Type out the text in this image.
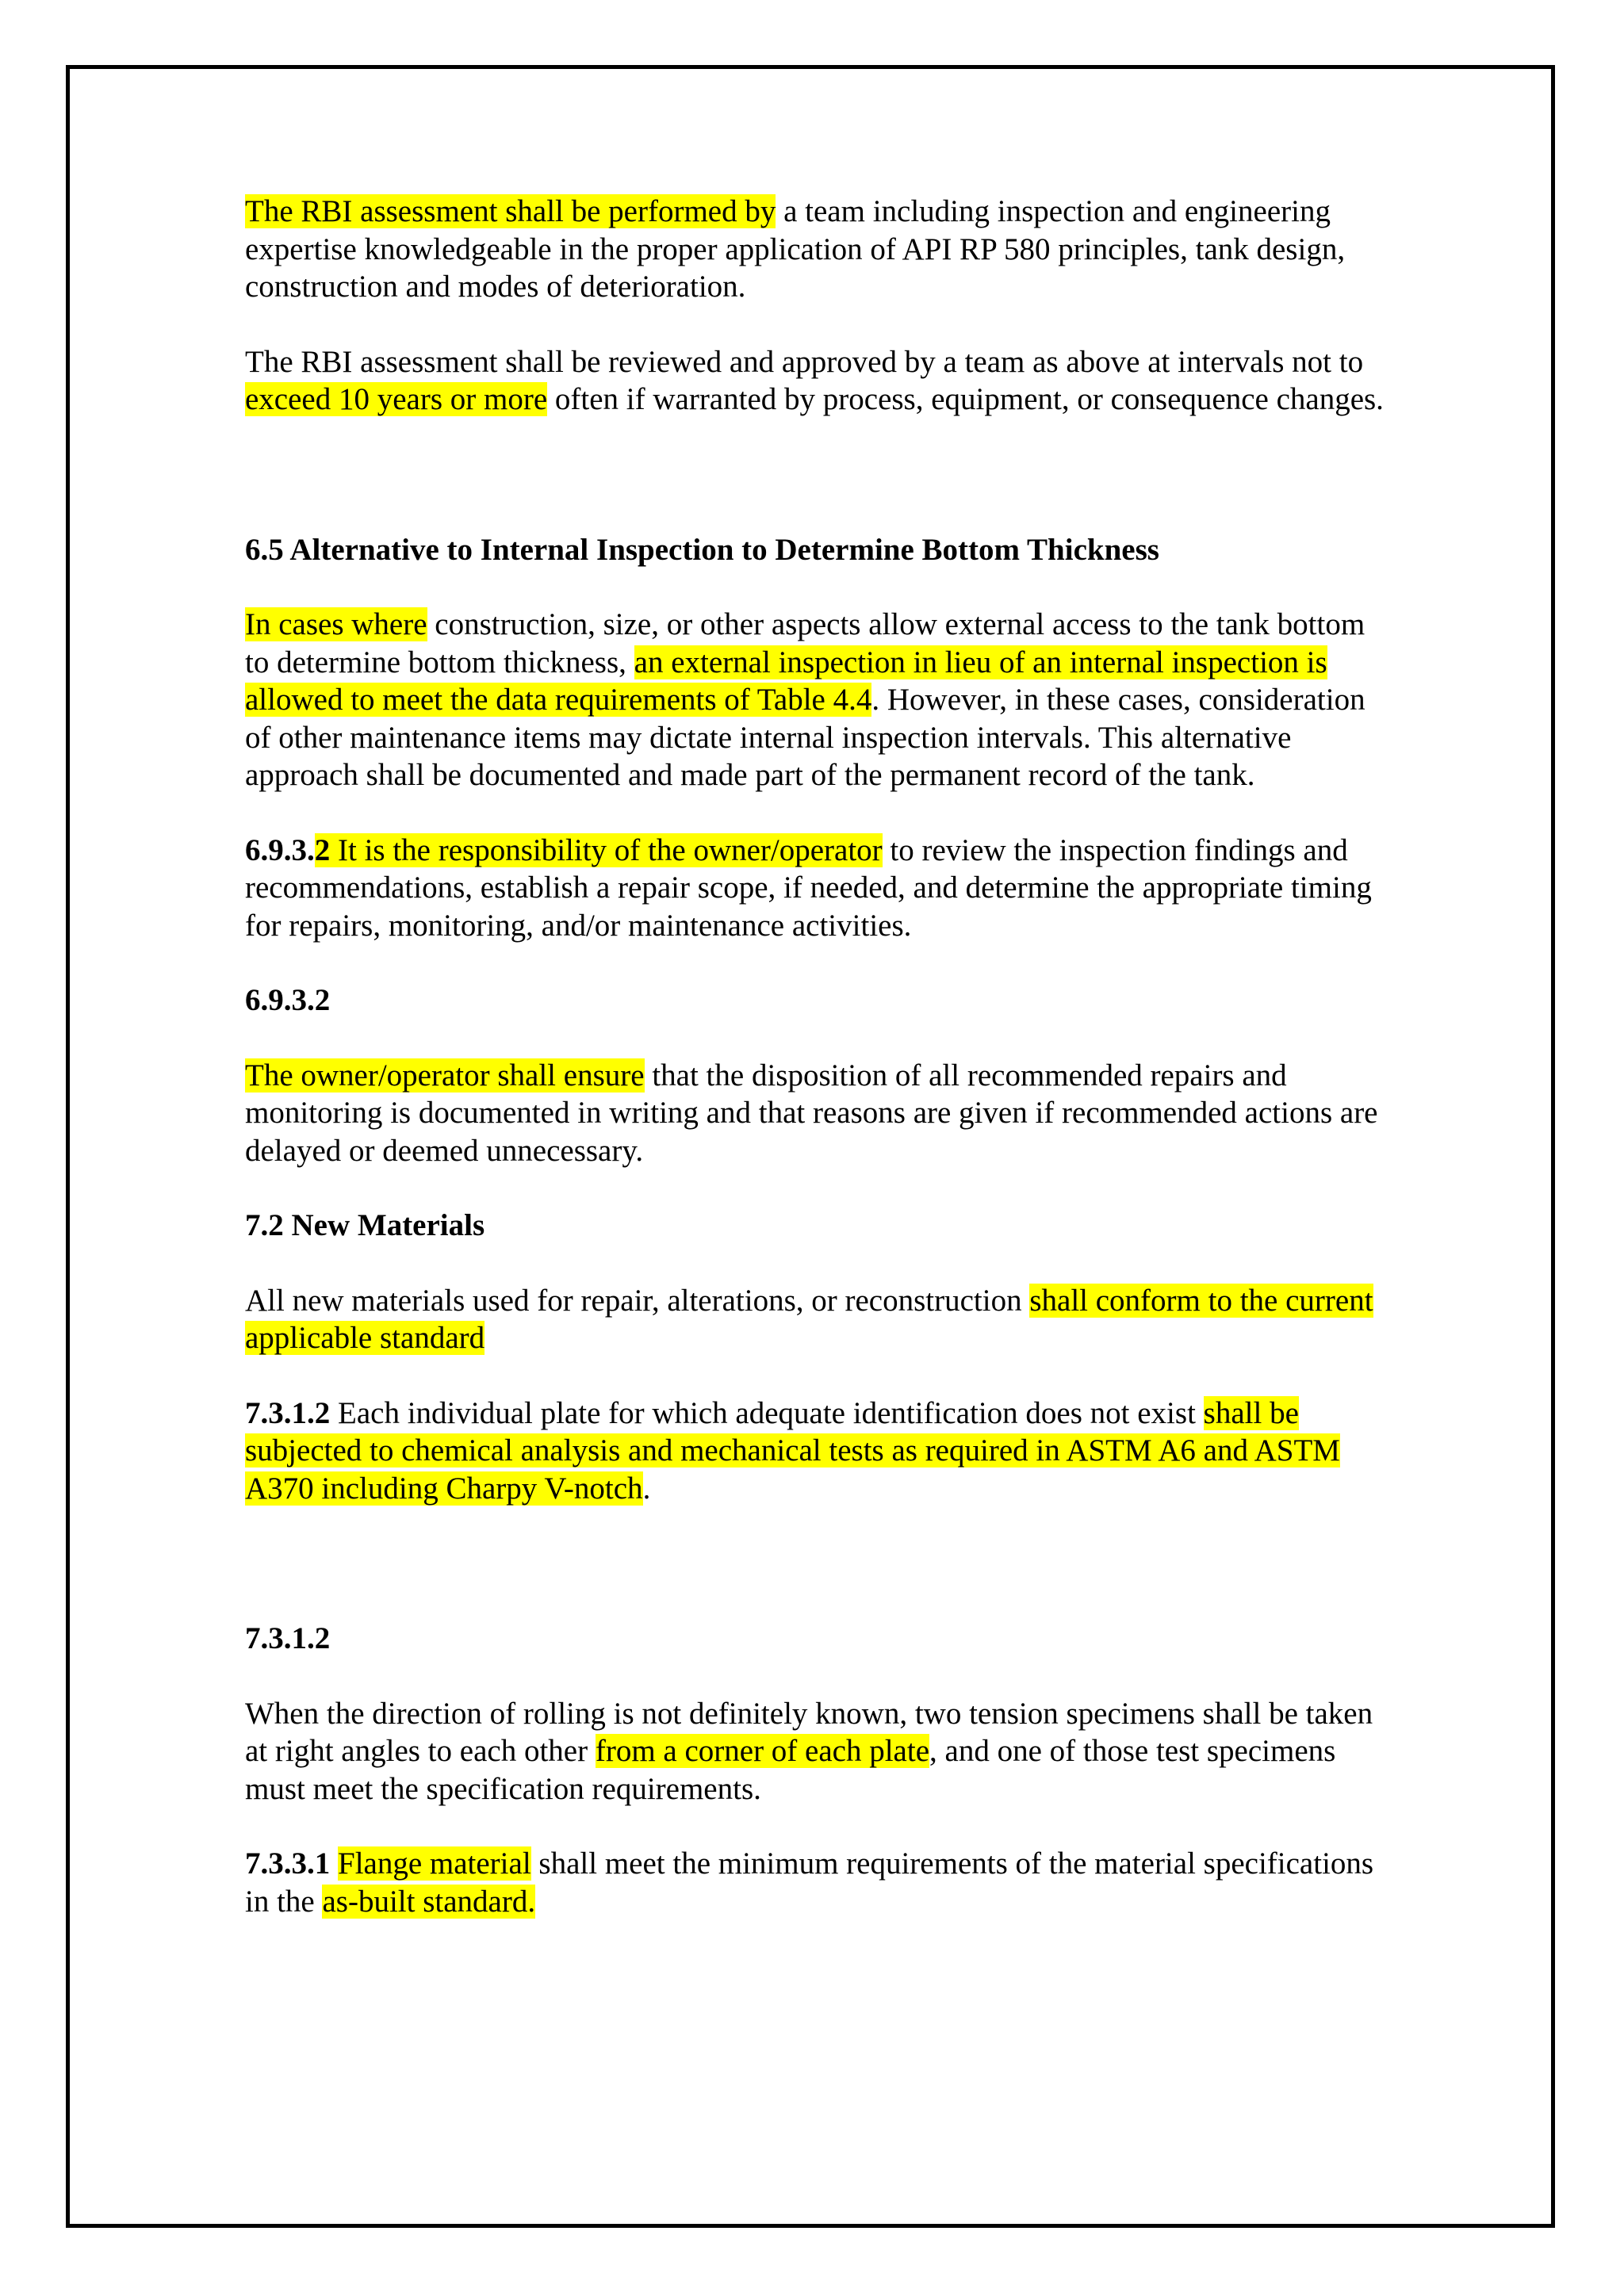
The RBI assessment shall be performed by a team including inspection and engineering expertise knowledgeable in the proper application of API RP 580 principles, tank design, construction and modes of deterioration.

The RBI assessment shall be reviewed and approved by a team as above at intervals not to exceed 10 years or more often if warranted by process, equipment, or consequence changes.

6.5 Alternative to Internal Inspection to Determine Bottom Thickness

In cases where construction, size, or other aspects allow external access to the tank bottom to determine bottom thickness, an external inspection in lieu of an internal inspection is allowed to meet the data requirements of Table 4.4. However, in these cases, consideration of other maintenance items may dictate internal inspection intervals. This alternative approach shall be documented and made part of the permanent record of the tank.

6.9.3.2 It is the responsibility of the owner/operator to review the inspection findings and recommendations, establish a repair scope, if needed, and determine the appropriate timing for repairs, monitoring, and/or maintenance activities.

6.9.3.2

The owner/operator shall ensure that the disposition of all recommended repairs and monitoring is documented in writing and that reasons are given if recommended actions are delayed or deemed unnecessary.

7.2 New Materials

All new materials used for repair, alterations, or reconstruction shall conform to the current applicable standard

7.3.1.2 Each individual plate for which adequate identification does not exist shall be subjected to chemical analysis and mechanical tests as required in ASTM A6 and ASTM A370 including Charpy V-notch.

7.3.1.2

When the direction of rolling is not definitely known, two tension specimens shall be taken at right angles to each other from a corner of each plate, and one of those test specimens must meet the specification requirements.

7.3.3.1 Flange material shall meet the minimum requirements of the material specifications in the as-built standard.
